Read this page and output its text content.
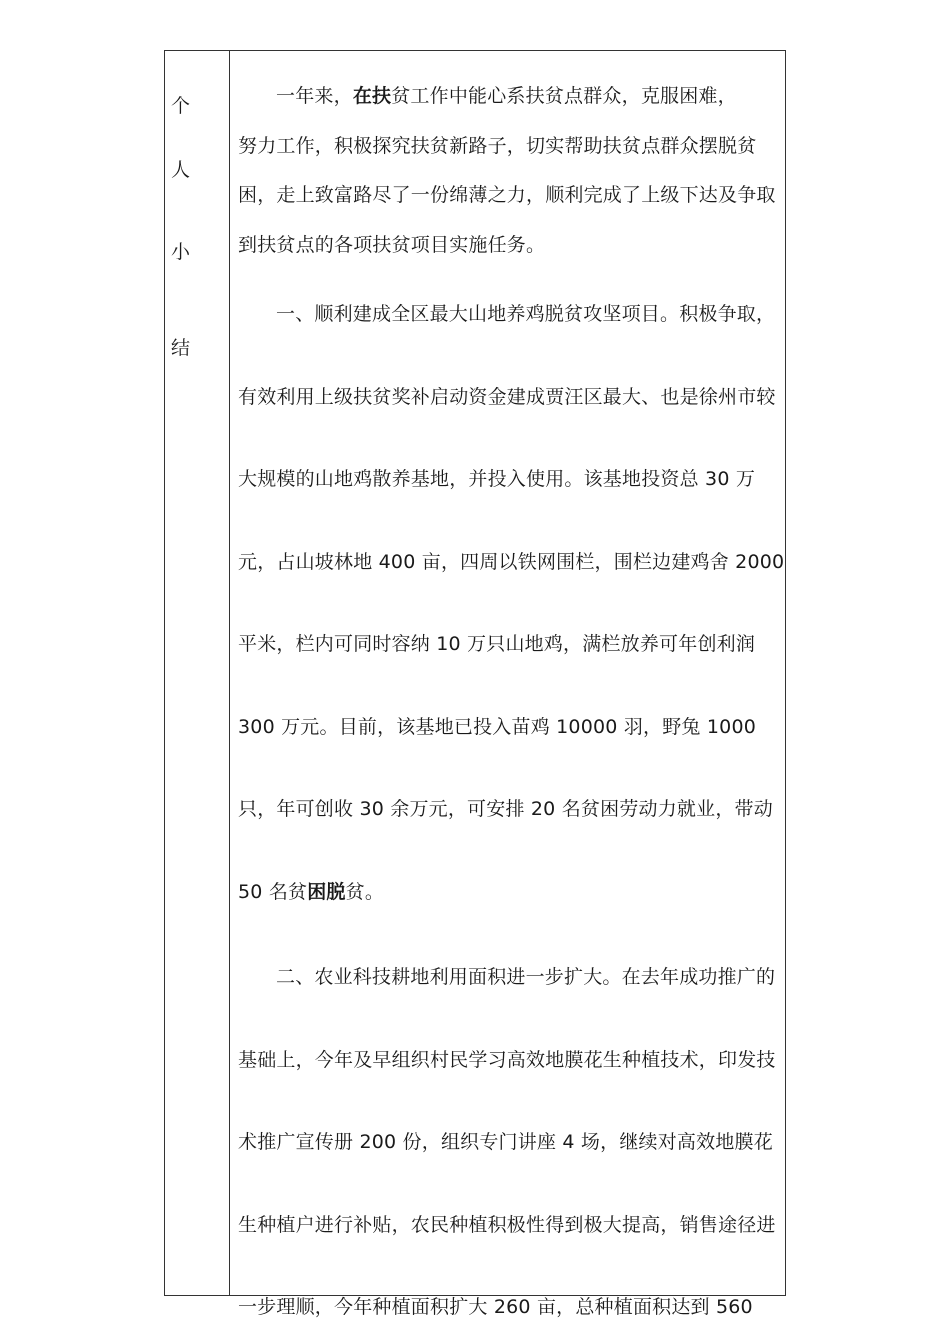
个
人
小
结
一年来，在扶贫工作中能心系扶贫点群众，克服困难，
努力工作，积极探究扶贫新路子，切实帮助扶贫点群众摆脱贫
困，走上致富路尽了一份绵薄之力，顺利完成了上级下达及争取
到扶贫点的各项扶贫项目实施任务。
一、顺利建成全区最大山地养鸡脱贫攻坚项目。积极争取，
有效利用上级扶贫奖补启动资金建成贾汪区最大、也是徐州市较
大规模的山地鸡散养基地，并投入使用。该基地投资总 30 万
元，占山坡林地 400 亩，四周以铁网围栏，围栏边建鸡舍 2000
平米，栏内可同时容纳 10 万只山地鸡，满栏放养可年创利润
300 万元。目前，该基地已投入苗鸡 10000 羽，野兔 1000
只，年可创收 30 余万元，可安排 20 名贫困劳动力就业，带动
50 名贫困脱贫。
二、农业科技耕地利用面积进一步扩大。在去年成功推广的
基础上，今年及早组织村民学习高效地膜花生种植技术，印发技
术推广宣传册 200 份，组织专门讲座 4 场，继续对高效地膜花
生种植户进行补贴，农民种植积极性得到极大提高，销售途径进
一步理顺，今年种植面积扩大 260 亩，总种植面积达到 560
